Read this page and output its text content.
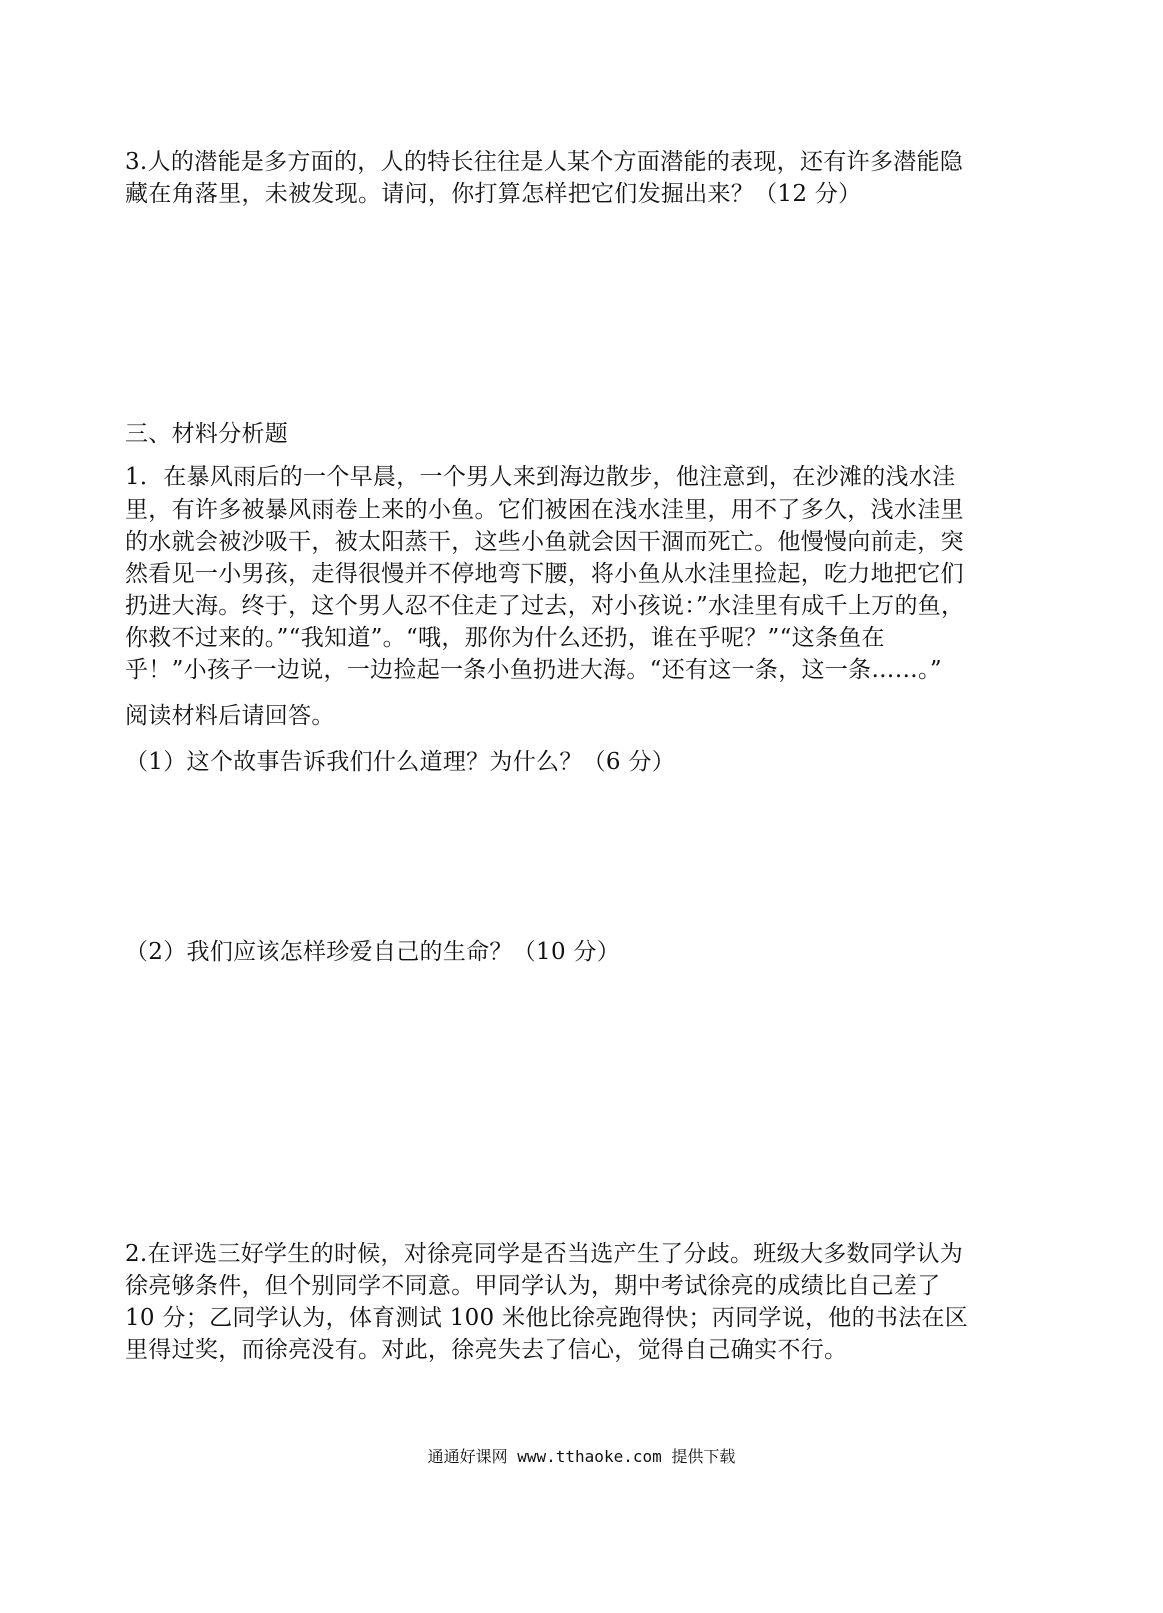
3.人的潜能是多方面的，人的特长往往是人某个方面潜能的表现，还有许多潜能隐
藏在角落里，未被发现。请问，你打算怎样把它们发掘出来？（12 分）
三、材料分析题
1．在暴风雨后的一个早晨，一个男人来到海边散步，他注意到，在沙滩的浅水洼
里，有许多被暴风雨卷上来的小鱼。它们被困在浅水洼里，用不了多久，浅水洼里
的水就会被沙吸干，被太阳蒸干，这些小鱼就会因干涸而死亡。他慢慢向前走，突
然看见一小男孩，走得很慢并不停地弯下腰，将小鱼从水洼里捡起，吃力地把它们
扔进大海。终于，这个男人忍不住走了过去，对小孩说：”水洼里有成千上万的鱼，
你救不过来的。”“我知道”。“哦，那你为什么还扔，谁在乎呢？”“这条鱼在
乎！”小孩子一边说，一边捡起一条小鱼扔进大海。“还有这一条，这一条……。”
阅读材料后请回答。
（1）这个故事告诉我们什么道理？为什么？（6 分）
（2）我们应该怎样珍爱自己的生命？（10 分）
2.在评选三好学生的时候，对徐亮同学是否当选产生了分歧。班级大多数同学认为
徐亮够条件，但个别同学不同意。甲同学认为，期中考试徐亮的成绩比自己差了
10 分；乙同学认为，体育测试 100 米他比徐亮跑得快；丙同学说，他的书法在区
里得过奖，而徐亮没有。对此，徐亮失去了信心，觉得自己确实不行。
通通好课网 www.tthaoke.com 提供下载
